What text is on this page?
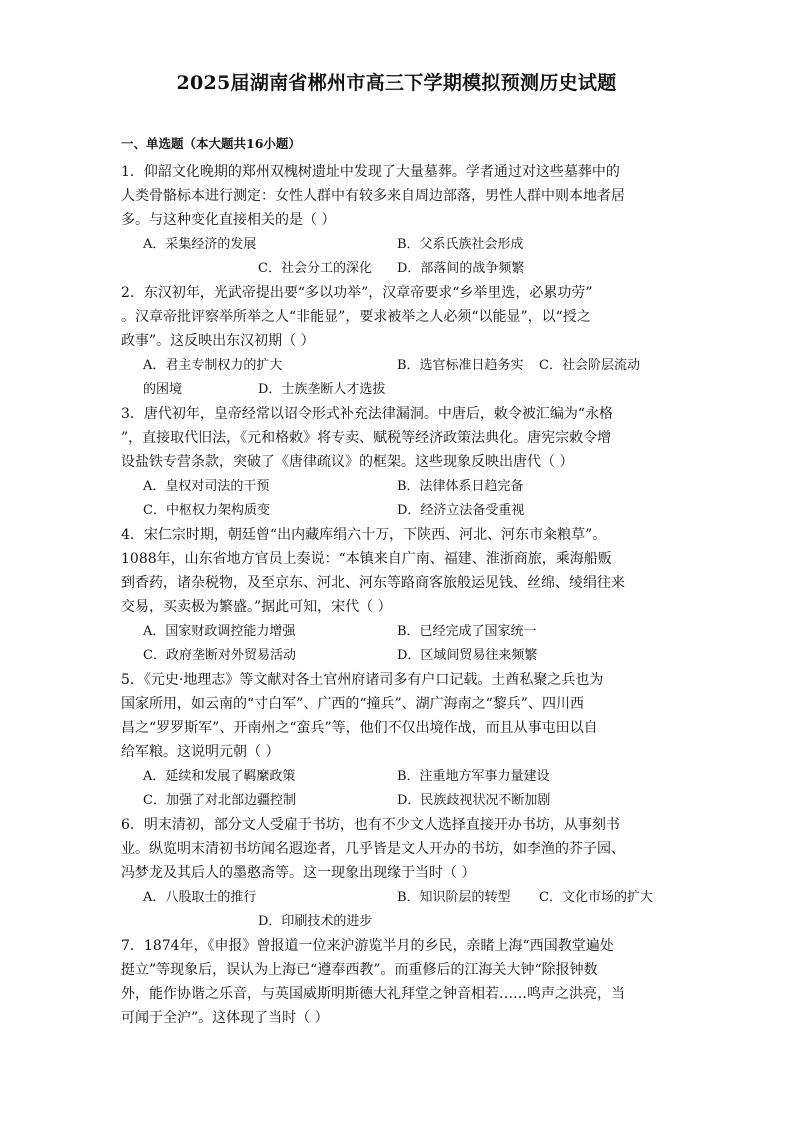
2025届湖南省郴州市高三下学期模拟预测历史试题
一、单选题（本大题共16小题）
1．仰韶文化晚期的郑州双槐树遗址中发现了大量墓葬。学者通过对这些墓葬中的
人类骨骼标本进行测定：女性人群中有较多来自周边部落，男性人群中则本地者居
多。与这种变化直接相关的是（ ）
A．采集经济的发展	B．父系氏族社会形成
C．社会分工的深化 D．部落间的战争频繁
2．东汉初年，光武帝提出要“多以功举”，汉章帝要求“乡举里选，必累功劳”
。汉章帝批评察举所举之人“非能显”，要求被举之人必须“以能显”，以“授之
政事”。这反映出东汉初期（ ）
A．君主专制权力的扩大	B．选官标准日趋务实 C．社会阶层流动
的困境	D．士族垄断人才选拔
3．唐代初年，皇帝经常以诏令形式补充法律漏洞。中唐后，敕令被汇编为“永格
”，直接取代旧法，《元和格敕》将专卖、赋税等经济政策法典化。唐宪宗敕令增
设盐铁专营条款，突破了《唐律疏议》的框架。这些现象反映出唐代（ ）
A．皇权对司法的干预	B．法律体系日趋完备
C．中枢权力架构质变	D．经济立法备受重视
4．宋仁宗时期，朝廷曾“出内藏库绢六十万，下陕西、河北、河东市籴粮草”。
1088年，山东省地方官员上奏说：“本镇来自广南、福建、淮浙商旅，乘海船贩
到香药，诸杂税物，及至京东、河北、河东等路商客旅般运见钱、丝绵、绫绢往来
交易，买卖极为繁盛。”据此可知，宋代（ ）
A．国家财政调控能力增强	B．已经完成了国家统一
C．政府垄断对外贸易活动	D．区域间贸易往来频繁
5．《元史·地理志》等文献对各土官州府诸司多有户口记载。土酋私聚之兵也为
国家所用，如云南的“寸白军”、广西的“撞兵”、湖广海南之“黎兵”、四川西
昌之“罗罗斯军”、开南州之“蛮兵”等，他们不仅出境作战，而且从事屯田以自
给军粮。这说明元朝（ ）
A．延续和发展了羁縻政策	B．注重地方军事力量建设
C．加强了对北部边疆控制	D．民族歧视状况不断加剧
6．明末清初，部分文人受雇于书坊，也有不少文人选择直接开办书坊，从事刻书
业。纵览明末清初书坊闻名遐迩者，几乎皆是文人开办的书坊，如李渔的芥子园、
冯梦龙及其后人的墨憨斋等。这一现象出现缘于当时（ ）
A．八股取士的推行	B．知识阶层的转型 C．文化市场的扩大
D．印刷技术的进步
7．1874年，《申报》曾报道一位来沪游览半月的乡民，亲睹上海“西国教堂遍处
挺立”等现象后，误认为上海已“遵奉西教”。而重修后的江海关大钟“除报钟数
外，能作协谐之乐音，与英国威斯明斯德大礼拜堂之钟音相若……鸣声之洪亮，当
可闻于全沪”。这体现了当时（ ）
